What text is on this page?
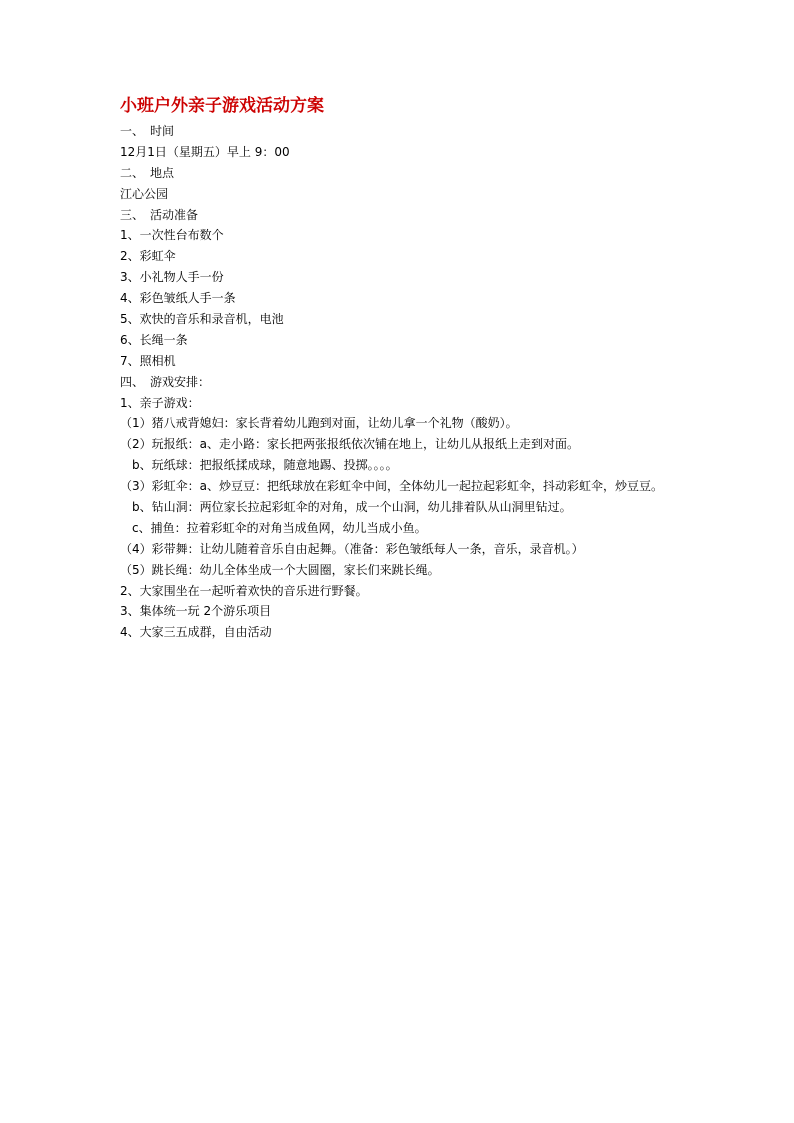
小班户外亲子游戏活动方案
一、　时间
12月1日（星期五）早上 9：00
二、　地点
江心公园
三、　活动准备
1、一次性台布数个
2、彩虹伞
3、小礼物人手一份
4、彩色皱纸人手一条
5、欢快的音乐和录音机，电池
6、长绳一条
7、照相机
四、　游戏安排：
1、亲子游戏：
（1）猪八戒背媳妇：家长背着幼儿跑到对面，让幼儿拿一个礼物（酸奶）。
（2）玩报纸：a、走小路：家长把两张报纸依次铺在地上，让幼儿从报纸上走到对面。
　b、玩纸球：把报纸揉成球，随意地踢、投掷。。。。
（3）彩虹伞：a、炒豆豆：把纸球放在彩虹伞中间，全体幼儿一起拉起彩虹伞，抖动彩虹伞，炒豆豆。
　b、钻山洞：两位家长拉起彩虹伞的对角，成一个山洞，幼儿排着队从山洞里钻过。
　c、捕鱼：拉着彩虹伞的对角当成鱼网，幼儿当成小鱼。
（4）彩带舞：让幼儿随着音乐自由起舞。（准备：彩色皱纸每人一条，音乐，录音机。）
（5）跳长绳：幼儿全体坐成一个大圆圈，家长们来跳长绳。
2、大家围坐在一起听着欢快的音乐进行野餐。
3、集体统一玩 2个游乐项目
4、大家三五成群，自由活动
